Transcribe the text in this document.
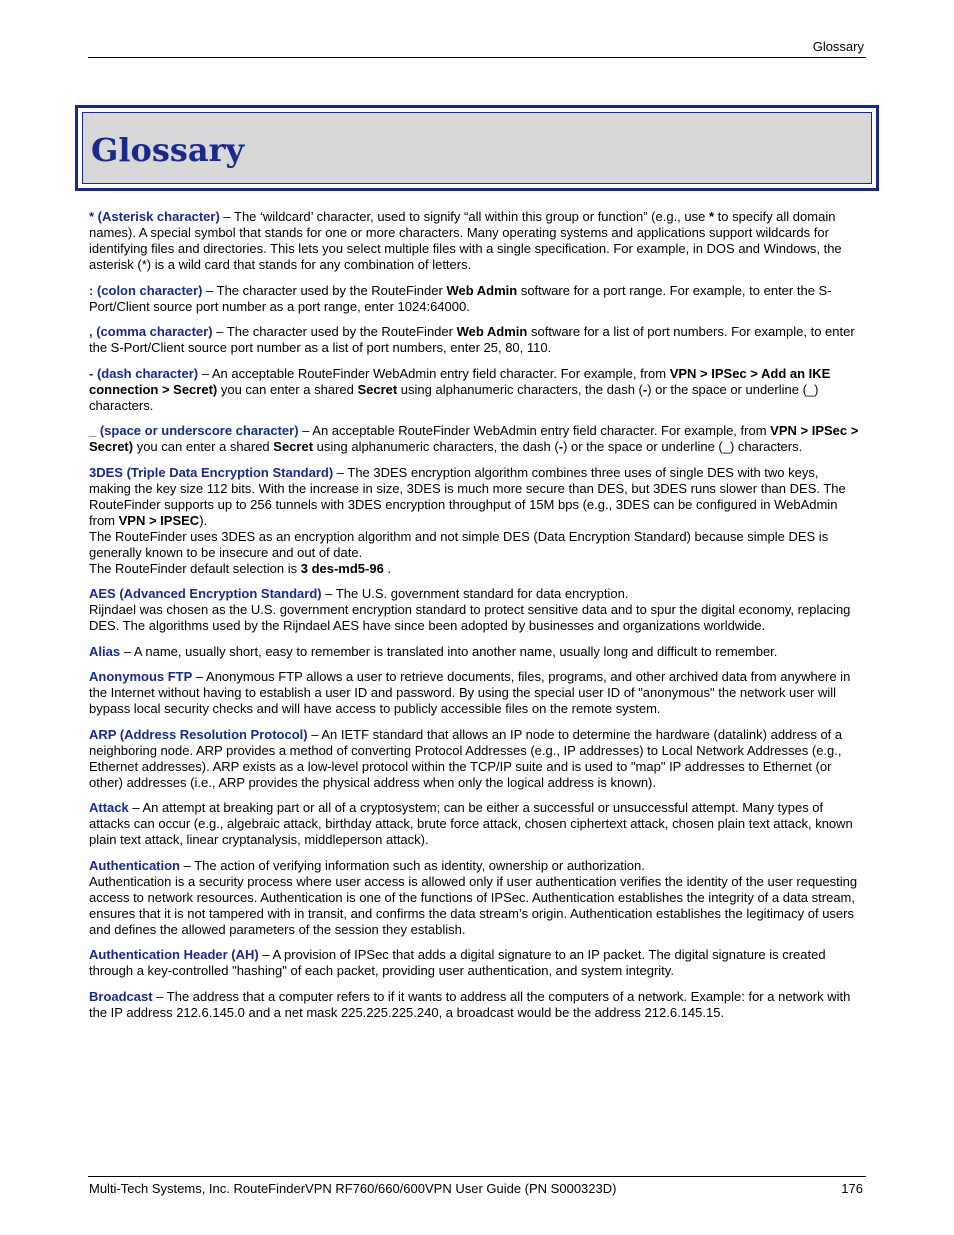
Glossary
Glossary

* (Asterisk character) – The ‘wildcard’ character, used to signify “all within this group or function” (e.g., use * to specify all domain names). A special symbol that stands for one or more characters. Many operating systems and applications support wildcards for identifying files and directories. This lets you select multiple files with a single specification. For example, in DOS and Windows, the asterisk (*) is a wild card that stands for any combination of letters.

: (colon character) – The character used by the RouteFinder Web Admin software for a port range. For example, to enter the S-Port/Client source port number as a port range, enter 1024:64000.

, (comma character) – The character used by the RouteFinder Web Admin software for a list of port numbers. For example, to enter the S-Port/Client source port number as a list of port numbers, enter 25, 80, 110.

- (dash character) – An acceptable RouteFinder WebAdmin entry field character. For example, from VPN > IPSec > Add an IKE connection > Secret) you can enter a shared Secret using alphanumeric characters, the dash (-) or the space or underline (_) characters.

_ (space or underscore character) – An acceptable RouteFinder WebAdmin entry field character. For example, from VPN > IPSec > Secret) you can enter a shared Secret using alphanumeric characters, the dash (-) or the space or underline (_) characters.

3DES (Triple Data Encryption Standard) – The 3DES encryption algorithm combines three uses of single DES with two keys, making the key size 112 bits. With the increase in size, 3DES is much more secure than DES, but 3DES runs slower than DES. The RouteFinder supports up to 256 tunnels with 3DES encryption throughput of 15M bps (e.g., 3DES can be configured in WebAdmin from VPN > IPSEC).
The RouteFinder uses 3DES as an encryption algorithm and not simple DES (Data Encryption Standard) because simple DES is generally known to be insecure and out of date.
The RouteFinder default selection is 3 des-md5-96 .

AES (Advanced Encryption Standard) – The U.S. government standard for data encryption.
Rijndael was chosen as the U.S. government encryption standard to protect sensitive data and to spur the digital economy, replacing DES. The algorithms used by the Rijndael AES have since been adopted by businesses and organizations worldwide.

Alias – A name, usually short, easy to remember is translated into another name, usually long and difficult to remember.

Anonymous FTP – Anonymous FTP allows a user to retrieve documents, files, programs, and other archived data from anywhere in the Internet without having to establish a user ID and password. By using the special user ID of "anonymous" the network user will bypass local security checks and will have access to publicly accessible files on the remote system.

ARP (Address Resolution Protocol) – An IETF standard that allows an IP node to determine the hardware (datalink) address of a neighboring node. ARP provides a method of converting Protocol Addresses (e.g., IP addresses) to Local Network Addresses (e.g., Ethernet addresses). ARP exists as a low-level protocol within the TCP/IP suite and is used to "map" IP addresses to Ethernet (or other) addresses (i.e., ARP provides the physical address when only the logical address is known).

Attack – An attempt at breaking part or all of a cryptosystem; can be either a successful or unsuccessful attempt. Many types of attacks can occur (e.g., algebraic attack, birthday attack, brute force attack, chosen ciphertext attack, chosen plain text attack, known plain text attack, linear cryptanalysis, middleperson attack).

Authentication – The action of verifying information such as identity, ownership or authorization.
Authentication is a security process where user access is allowed only if user authentication verifies the identity of the user requesting access to network resources. Authentication is one of the functions of IPSec. Authentication establishes the integrity of a data stream, ensures that it is not tampered with in transit, and confirms the data stream’s origin. Authentication establishes the legitimacy of users and defines the allowed parameters of the session they establish.

Authentication Header (AH) – A provision of IPSec that adds a digital signature to an IP packet. The digital signature is created through a key-controlled "hashing" of each packet, providing user authentication, and system integrity.

Broadcast – The address that a computer refers to if it wants to address all the computers of a network. Example: for a network with the IP address 212.6.145.0 and a net mask 225.225.225.240, a broadcast would be the address 212.6.145.15.

Multi-Tech Systems, Inc. RouteFinderVPN RF760/660/600VPN User Guide (PN S000323D)	176
